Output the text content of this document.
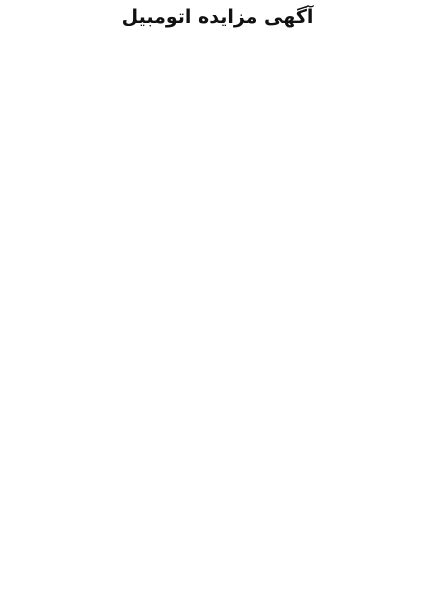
آگهی مزایده اتومبیل
